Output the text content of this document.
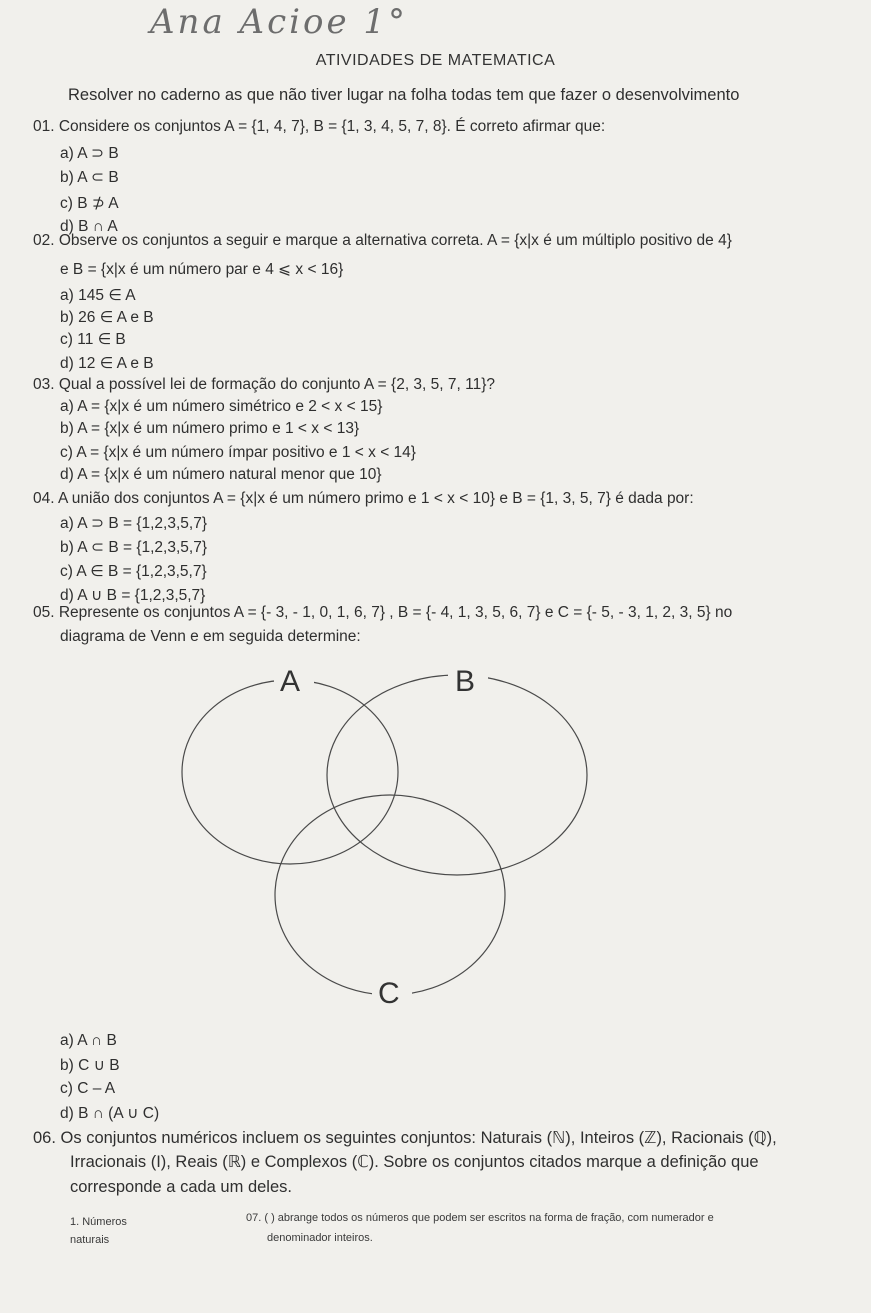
Ana Acioe 1°
ATIVIDADES DE MATEMATICA
Resolver no caderno as que não tiver lugar na folha todas tem que fazer o desenvolvimento
01. Considere os conjuntos A = {1, 4, 7}, B = {1, 3, 4, 5, 7, 8}. É correto afirmar que:
a) A ⊃ B
b) A ⊂ B
c) B ⊅ A
d) B ∩ A
02. Observe os conjuntos a seguir e marque a alternativa correta. A = {x|x é um múltiplo positivo de 4}
e B = {x|x é um número par e 4 ⩽ x < 16}
a) 145 ∈ A
b) 26 ∈ A e B
c) 11 ∈ B
d) 12 ∈ A e B
03. Qual a possível lei de formação do conjunto A = {2, 3, 5, 7, 11}?
a) A = {x|x é um número simétrico e 2 < x < 15}
b) A = {x|x é um número primo e 1 < x < 13}
c) A = {x|x é um número ímpar positivo e 1 < x < 14}
d) A = {x|x é um número natural menor que 10}
04. A união dos conjuntos A = {x|x é um número primo e 1 < x < 10} e B = {1, 3, 5, 7} é dada por:
a) A ⊃ B = {1,2,3,5,7}
b) A ⊂ B = {1,2,3,5,7}
c) A ∈ B = {1,2,3,5,7}
d) A ∪ B = {1,2,3,5,7}
05. Represente os conjuntos A = {- 3, - 1, 0, 1, 6, 7} , B = {- 4, 1, 3, 5, 6, 7} e C = {- 5, - 3, 1, 2, 3, 5} no
diagrama de Venn e em seguida determine:
A	B
C
a) A ∩ B
b) C ∪ B
c) C – A
d) B ∩ (A ∪ C)
06. Os conjuntos numéricos incluem os seguintes conjuntos: Naturais (ℕ), Inteiros (ℤ), Racionais (ℚ),
Irracionais (I), Reais (ℝ) e Complexos (ℂ). Sobre os conjuntos citados marque a definição que
corresponde a cada um deles.
1. Números
naturais
07. ( ) abrange todos os números que podem ser escritos na forma de fração, com numerador e
denominador inteiros.
